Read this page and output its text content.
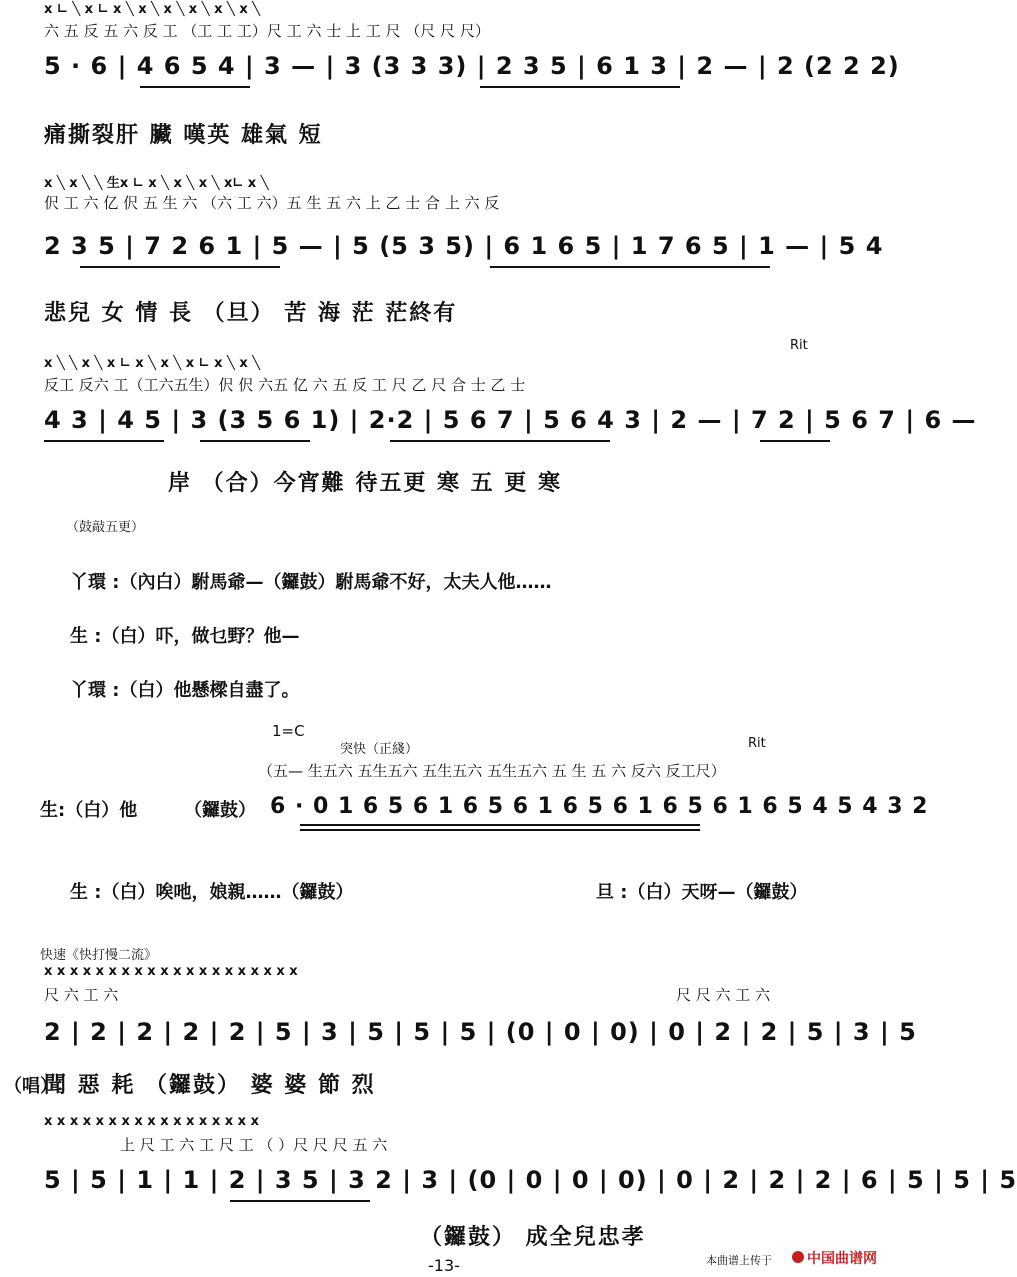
x ∟ ╲ x ∟ x ╲ x ╲ x ╲ x ╲ x ╲ x ╲
六 五 反 五 六 反 工 （工 工 工）尺 工 六 士 上 工 尺 （尺 尺 尺）
5 · 6 | 4 6 5 4 | 3 — | 3 (3 3 3) | 2 3 5 | 6 1 3 | 2 — | 2 (2 2 2)
痛撕裂肝 臟 嘆英 雄氣 短
x ╲ x ╲ ╲ 生x ∟ x ╲ x ╲ x ╲ x∟ x ╲
伬 工 六 亿 伬 五 生 六 （六 工 六）五 生 五 六 上 乙 士 合 上 六 反
2 3 5 | 7 2 6 1 | 5 — | 5 (5 3 5) | 6 1 6 5 | 1 7 6 5 | 1 — | 5 4
悲兒 女 情 長 （旦） 苦 海 茫 茫終有
Rit
x ╲ ╲ x ╲ x ∟ x ╲ x ╲ x ∟ x ╲ x ╲
反工 反六 工（工六五生）伬 伬 六五 亿 六 五 反 工 尺 乙 尺 合 士 乙 士
4 3 | 4 5 | 3 (3 5 6 1) | 2·2 | 5 6 7 | 5 6 4 3 | 2 — | 7 2 | 5 6 7 | 6 —
岸 （合）今宵難 待五更 寒 五 更 寒
（鼓敲五更）
丫環 :（內白）駙馬爺—（鑼鼓）駙馬爺不好，太夫人他……
生 :（白）吓，做乜野？他—
丫環 :（白）他懸樑自盡了。
1=C
突快（正綫）	Rit
（五— 生五六 五生五六 五生五六 五生五六 五 生 五 六 反六 反工尺）
生:（白）他	（鑼鼓） 6 · 0 1 6 5 6 1 6 5 6 1 6 5 6 1 6 5 6 1 6 5 4 5 4 3 2
生 :（白）唉吔，娘親……（鑼鼓）	旦 :（白）天呀—（鑼鼓）
快速《快打慢二流》
x x x x x x x x x x x x x x x x x x x x
尺 六 工 六	尺 尺 六 工 六
2 | 2 | 2 | 2 | 2 | 5 | 3 | 5 | 5 | 5 | (0 | 0 | 0) | 0 | 2 | 2 | 5 | 3 | 5
（唱）
聞 惡 耗 （鑼鼓） 婆 婆 節 烈
x x x x x x x x x x x x x x x x x
上 尺 工 六 工 尺 工 （ ）尺 尺 尺 五 六
5 | 5 | 1 | 1 | 2 | 3 5 | 3 2 | 3 | (0 | 0 | 0 | 0) | 0 | 2 | 2 | 2 | 6 | 5 | 5 | 5
（鑼鼓） 成全兒忠孝
-13-	本曲谱上传于	中国曲谱网
